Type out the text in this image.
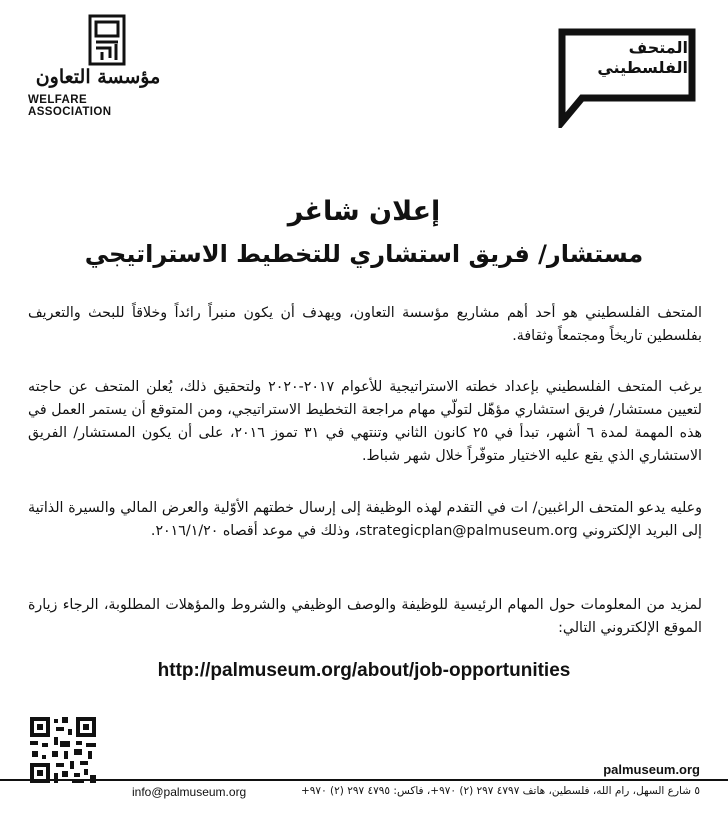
مؤسسة التعاون
WELFARE ASSOCIATION
المتحف
الفلسطيني
إعلان شاغر
مستشار/ فريق استشاري للتخطيط الاستراتيجي
المتحف الفلسطيني هو أحد أهم مشاريع مؤسسة التعاون، ويهدف أن يكون منبراً رائداً وخلاقاً للبحث والتعريف بفلسطين تاريخاً ومجتمعاً وثقافة.
يرغب المتحف الفلسطيني بإعداد خطته الاستراتيجية للأعوام ٢٠١٧-٢٠٢٠ ولتحقيق ذلك، يُعلن المتحف عن حاجته لتعيين مستشار/ فريق استشاري مؤهّل لتولّي مهام مراجعة التخطيط الاستراتيجي، ومن المتوقع أن يستمر العمل في هذه المهمة لمدة ٦ أشهر، تبدأ في ٢٥ كانون الثاني وتنتهي في ٣١ تموز ٢٠١٦، على أن يكون المستشار/ الفريق الاستشاري الذي يقع عليه الاختيار متوفّراً خلال شهر شباط.
وعليه يدعو المتحف الراغبين/ ات في التقدم لهذه الوظيفة إلى إرسال خطتهم الأوّلية والعرض المالي والسيرة الذاتية إلى البريد الإلكتروني strategicplan@palmuseum.org، وذلك في موعد أقصاه ٢٠١٦/١/٢٠.
لمزيد من المعلومات حول المهام الرئيسية للوظيفة والوصف الوظيفي والشروط والمؤهلات المطلوبة، الرجاء زيارة الموقع الإلكتروني التالي:
http://palmuseum.org/about/job-opportunities
palmuseum.org
٥ شارع السهل، رام الله، فلسطين، هاتف ٤٧٩٧ ٢٩٧ (٢) ٩٧٠+، فاكس: ٤٧٩٥ ٢٩٧ (٢) ٩٧٠+
info@palmuseum.org
